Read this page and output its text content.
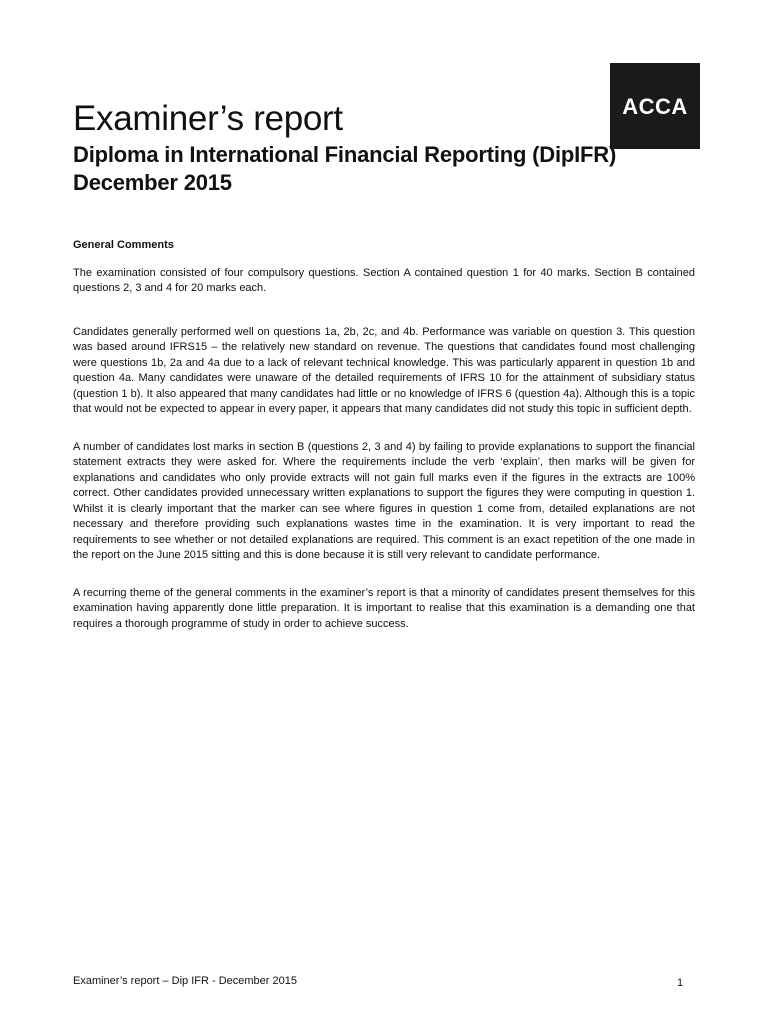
ACCA
Examiner’s report
Diploma in International Financial Reporting (DipIFR)
December 2015
General Comments

The examination consisted of four compulsory questions. Section A contained question 1 for 40 marks. Section B contained questions 2, 3 and 4 for 20 marks each.

Candidates generally performed well on questions 1a, 2b, 2c, and 4b. Performance was variable on question 3. This question was based around IFRS15 – the relatively new standard on revenue. The questions that candidates found most challenging were questions 1b, 2a and 4a due to a lack of relevant technical knowledge. This was particularly apparent in question 1b and question 4a. Many candidates were unaware of the detailed requirements of IFRS 10 for the attainment of subsidiary status (question 1 b). It also appeared that many candidates had little or no knowledge of IFRS 6 (question 4a). Although this is a topic that would not be expected to appear in every paper, it appears that many candidates did not study this topic in sufficient depth.

A number of candidates lost marks in section B (questions 2, 3 and 4) by failing to provide explanations to support the financial statement extracts they were asked for. Where the requirements include the verb ‘explain’, then marks will be given for explanations and candidates who only provide extracts will not gain full marks even if the figures in the extracts are 100% correct. Other candidates provided unnecessary written explanations to support the figures they were computing in question 1. Whilst it is clearly important that the marker can see where figures in question 1 come from, detailed explanations are not necessary and therefore providing such explanations wastes time in the examination. It is very important to read the requirements to see whether or not detailed explanations are required. This comment is an exact repetition of the one made in the report on the June 2015 sitting and this is done because it is still very relevant to candidate performance.

A recurring theme of the general comments in the examiner’s report is that a minority of candidates present themselves for this examination having apparently done little preparation. It is important to realise that this examination is a demanding one that requires a thorough programme of study in order to achieve success.

Examiner’s report – Dip IFR - December 2015	1
